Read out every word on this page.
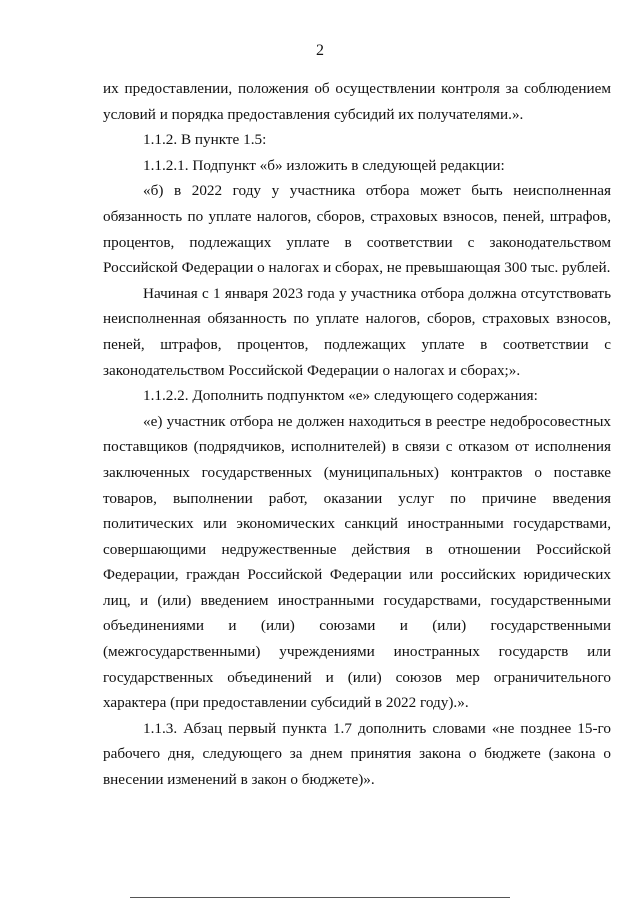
2

их предоставлении, положения об осуществлении контроля за соблюдением условий и порядка предоставления субсидий их получателями.».

1.1.2. В пункте 1.5:

1.1.2.1. Подпункт «б» изложить в следующей редакции:

«б) в 2022 году у участника отбора может быть неисполненная обязанность по уплате налогов, сборов, страховых взносов, пеней, штрафов, процентов, подлежащих уплате в соответствии с законодательством Российской Федерации о налогах и сборах, не превышающая 300 тыс. рублей.

Начиная с 1 января 2023 года у участника отбора должна отсутствовать неисполненная обязанность по уплате налогов, сборов, страховых взносов, пеней, штрафов, процентов, подлежащих уплате в соответствии с законодательством Российской Федерации о налогах и сборах;».

1.1.2.2. Дополнить подпунктом «е» следующего содержания:

«е) участник отбора не должен находиться в реестре недобросовестных поставщиков (подрядчиков, исполнителей) в связи с отказом от исполнения заключенных государственных (муниципальных) контрактов о поставке товаров, выполнении работ, оказании услуг по причине введения политических или экономических санкций иностранными государствами, совершающими недружественные действия в отношении Российской Федерации, граждан Российской Федерации или российских юридических лиц, и (или) введением иностранными государствами, государственными объединениями и (или) союзами и (или) государственными (межгосударственными) учреждениями иностранных государств или государственных объединений и (или) союзов мер ограничительного характера (при предоставлении субсидий в 2022 году).».

1.1.3. Абзац первый пункта 1.7 дополнить словами «не позднее 15-го рабочего дня, следующего за днем принятия закона о бюджете (закона о внесении изменений в закон о бюджете)».
